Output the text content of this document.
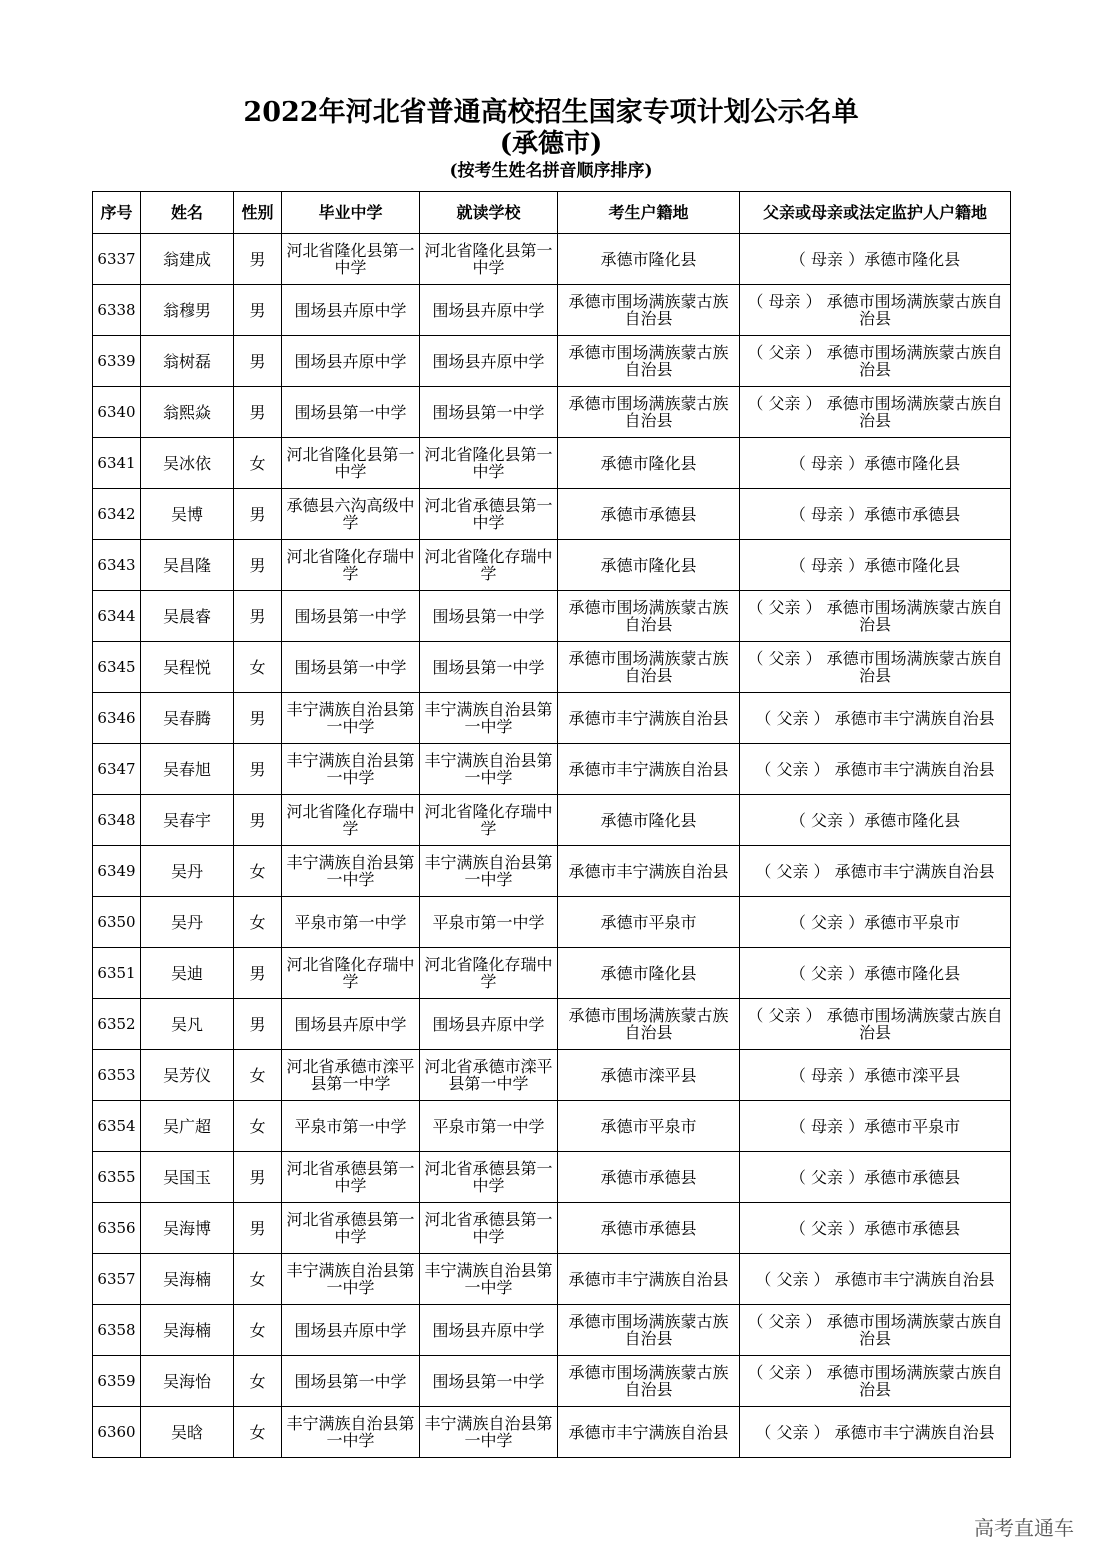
2022年河北省普通高校招生国家专项计划公示名单
(承德市)
(按考生姓名拼音顺序排序)
序号	姓名	性别	毕业中学	就读学校	考生户籍地	父亲或母亲或法定监护人户籍地
6337	翁建成	男	河北省隆化县第一中学	河北省隆化县第一中学	承德市隆化县	（ 母亲 ）承德市隆化县
6338	翁穆男	男	围场县卉原中学	围场县卉原中学	承德市围场满族蒙古族自治县	（ 母亲 ） 承德市围场满族蒙古族自治县
6339	翁树磊	男	围场县卉原中学	围场县卉原中学	承德市围场满族蒙古族自治县	（ 父亲 ） 承德市围场满族蒙古族自治县
6340	翁熙焱	男	围场县第一中学	围场县第一中学	承德市围场满族蒙古族自治县	（ 父亲 ） 承德市围场满族蒙古族自治县
6341	吴冰依	女	河北省隆化县第一中学	河北省隆化县第一中学	承德市隆化县	（ 母亲 ）承德市隆化县
6342	吴博	男	承德县六沟高级中学	河北省承德县第一中学	承德市承德县	（ 母亲 ）承德市承德县
6343	吴昌隆	男	河北省隆化存瑞中学	河北省隆化存瑞中学	承德市隆化县	（ 母亲 ）承德市隆化县
6344	吴晨睿	男	围场县第一中学	围场县第一中学	承德市围场满族蒙古族自治县	（ 父亲 ） 承德市围场满族蒙古族自治县
6345	吴程悦	女	围场县第一中学	围场县第一中学	承德市围场满族蒙古族自治县	（ 父亲 ） 承德市围场满族蒙古族自治县
6346	吴春腾	男	丰宁满族自治县第一中学	丰宁满族自治县第一中学	承德市丰宁满族自治县	（ 父亲 ） 承德市丰宁满族自治县
6347	吴春旭	男	丰宁满族自治县第一中学	丰宁满族自治县第一中学	承德市丰宁满族自治县	（ 父亲 ） 承德市丰宁满族自治县
6348	吴春宇	男	河北省隆化存瑞中学	河北省隆化存瑞中学	承德市隆化县	（ 父亲 ）承德市隆化县
6349	吴丹	女	丰宁满族自治县第一中学	丰宁满族自治县第一中学	承德市丰宁满族自治县	（ 父亲 ） 承德市丰宁满族自治县
6350	吴丹	女	平泉市第一中学	平泉市第一中学	承德市平泉市	（ 父亲 ）承德市平泉市
6351	吴迪	男	河北省隆化存瑞中学	河北省隆化存瑞中学	承德市隆化县	（ 父亲 ）承德市隆化县
6352	吴凡	男	围场县卉原中学	围场县卉原中学	承德市围场满族蒙古族自治县	（ 父亲 ） 承德市围场满族蒙古族自治县
6353	吴芳仪	女	河北省承德市滦平县第一中学	河北省承德市滦平县第一中学	承德市滦平县	（ 母亲 ）承德市滦平县
6354	吴广超	女	平泉市第一中学	平泉市第一中学	承德市平泉市	（ 母亲 ）承德市平泉市
6355	吴国玉	男	河北省承德县第一中学	河北省承德县第一中学	承德市承德县	（ 父亲 ）承德市承德县
6356	吴海博	男	河北省承德县第一中学	河北省承德县第一中学	承德市承德县	（ 父亲 ）承德市承德县
6357	吴海楠	女	丰宁满族自治县第一中学	丰宁满族自治县第一中学	承德市丰宁满族自治县	（ 父亲 ） 承德市丰宁满族自治县
6358	吴海楠	女	围场县卉原中学	围场县卉原中学	承德市围场满族蒙古族自治县	（ 父亲 ） 承德市围场满族蒙古族自治县
6359	吴海怡	女	围场县第一中学	围场县第一中学	承德市围场满族蒙古族自治县	（ 父亲 ） 承德市围场满族蒙古族自治县
6360	吴晗	女	丰宁满族自治县第一中学	丰宁满族自治县第一中学	承德市丰宁满族自治县	（ 父亲 ） 承德市丰宁满族自治县
高考直通车
